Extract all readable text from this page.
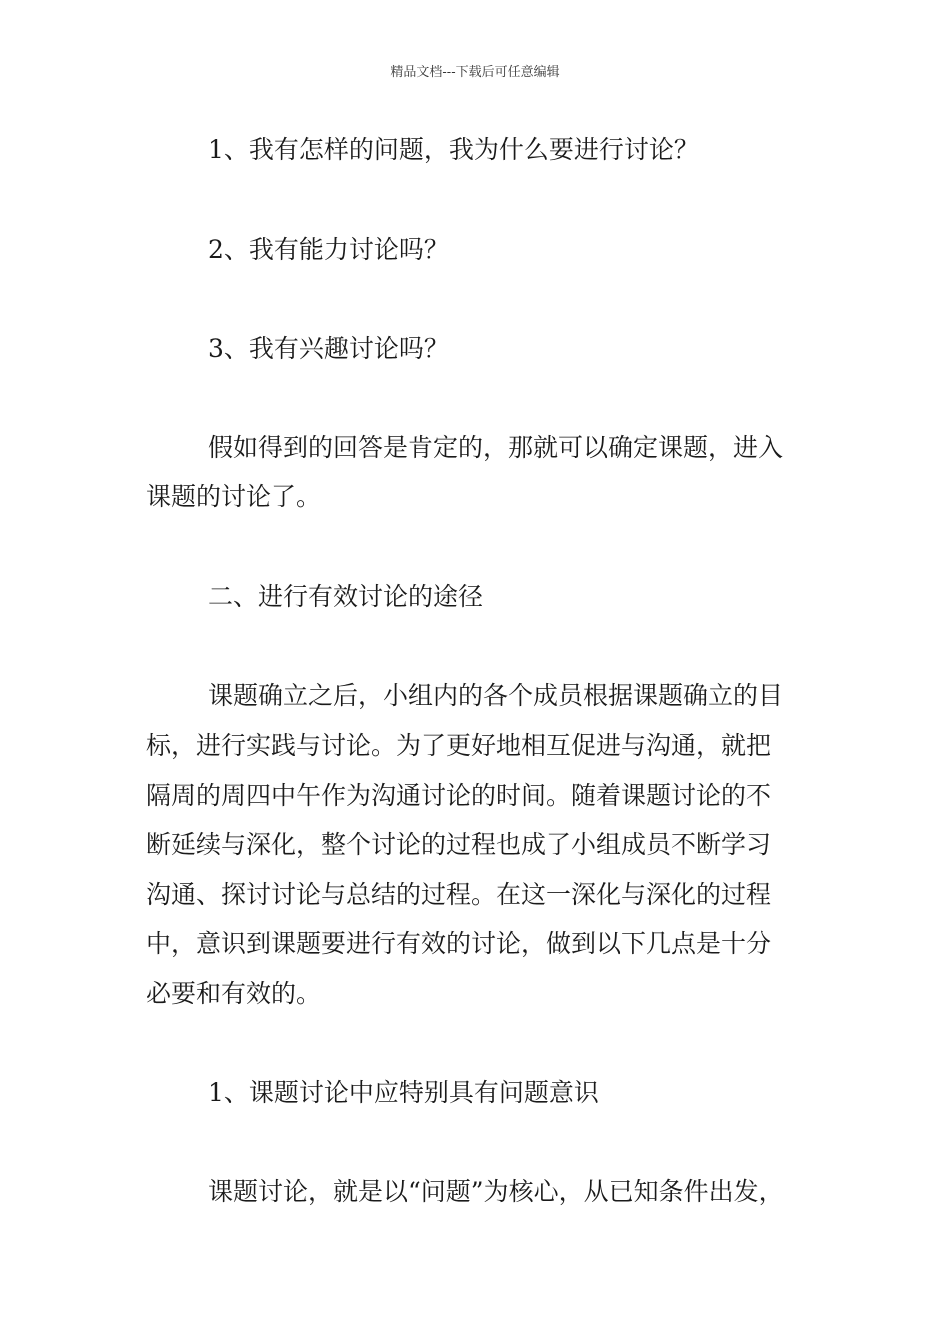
精品文档---下载后可任意编辑
1、我有怎样的问题，我为什么要进行讨论？
2、我有能力讨论吗？
3、我有兴趣讨论吗？
假如得到的回答是肯定的，那就可以确定课题，进入
课题的讨论了。
二、进行有效讨论的途径
课题确立之后，小组内的各个成员根据课题确立的目
标，进行实践与讨论。为了更好地相互促进与沟通，就把
隔周的周四中午作为沟通讨论的时间。随着课题讨论的不
断延续与深化，整个讨论的过程也成了小组成员不断学习
沟通、探讨讨论与总结的过程。在这一深化与深化的过程
中，意识到课题要进行有效的讨论，做到以下几点是十分
必要和有效的。
1、课题讨论中应特别具有问题意识
课题讨论，就是以“问题”为核心，从已知条件出发，
